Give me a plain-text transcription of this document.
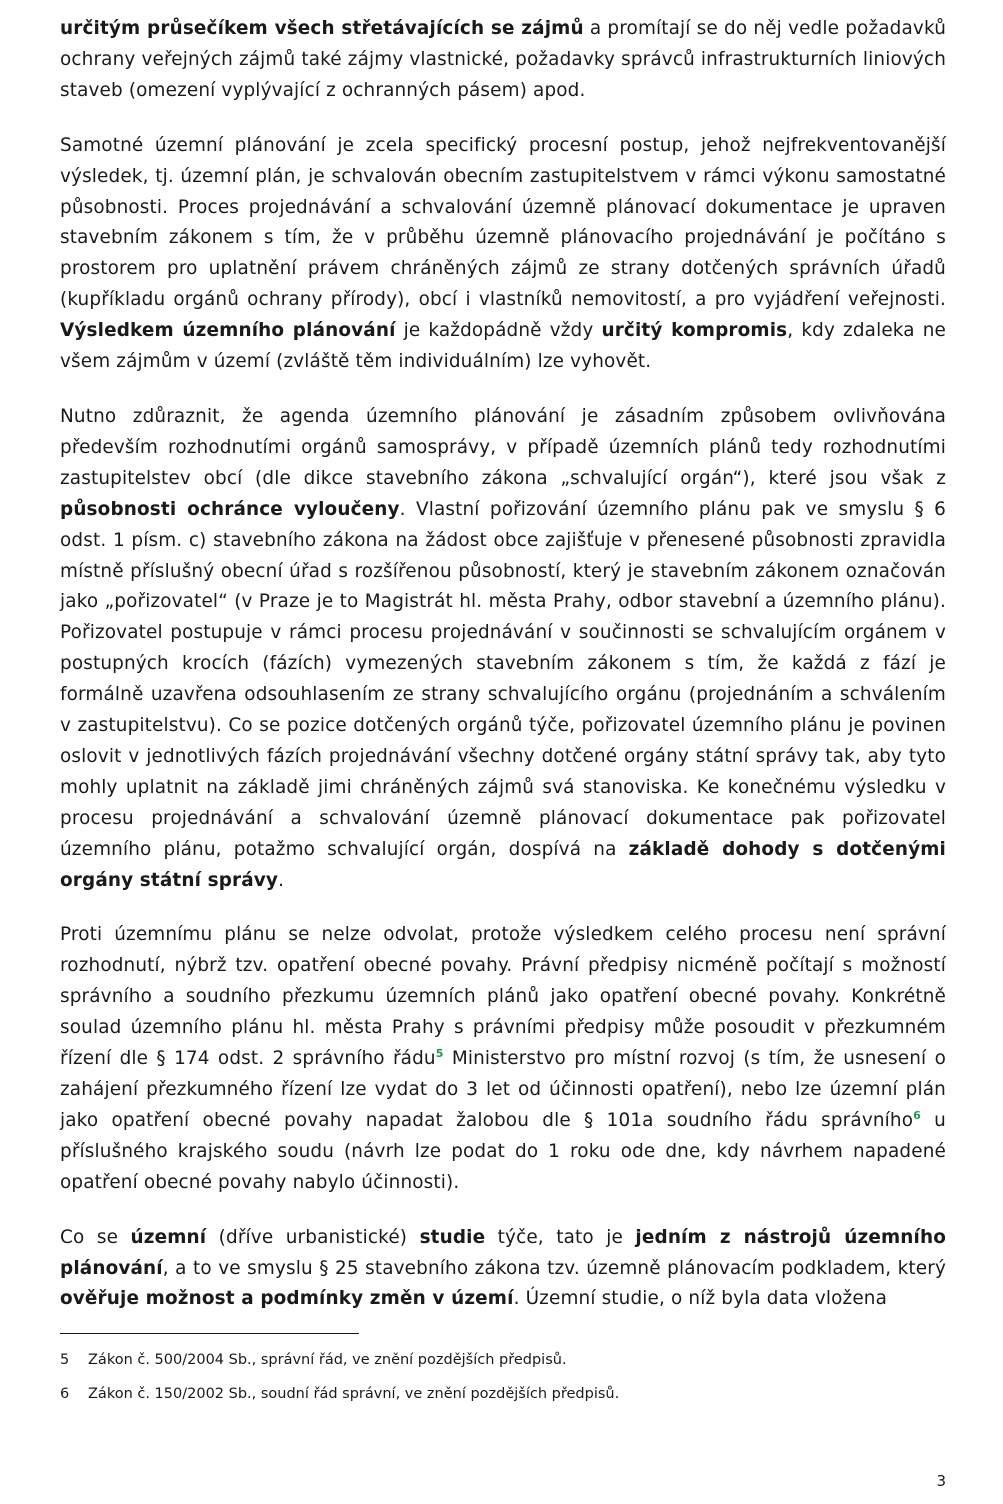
určitým průsečíkem všech střetávajících se zájmů a promítají se do něj vedle požadavků ochrany veřejných zájmů také zájmy vlastnické, požadavky správců infrastrukturních liniových staveb (omezení vyplývající z ochranných pásem) apod.

Samotné územní plánování je zcela specifický procesní postup, jehož nejfrekventovanější výsledek, tj. územní plán, je schvalován obecním zastupitelstvem v rámci výkonu samostatné působnosti. Proces projednávání a schvalování územně plánovací dokumentace je upraven stavebním zákonem s tím, že v průběhu územně plánovacího projednávání je počítáno s prostorem pro uplatnění právem chráněných zájmů ze strany dotčených správních úřadů (kupříkladu orgánů ochrany přírody), obcí i vlastníků nemovitostí, a pro vyjádření veřejnosti. Výsledkem územního plánování je každopádně vždy určitý kompromis, kdy zdaleka ne všem zájmům v území (zvláště těm individuálním) lze vyhovět.

Nutno zdůraznit, že agenda územního plánování je zásadním způsobem ovlivňována především rozhodnutími orgánů samosprávy, v případě územních plánů tedy rozhodnutími zastupitelstev obcí (dle dikce stavebního zákona „schvalující orgán“), které jsou však z působnosti ochránce vyloučeny. Vlastní pořizování územního plánu pak ve smyslu § 6 odst. 1 písm. c) stavebního zákona na žádost obce zajišťuje v přenesené působnosti zpravidla místně příslušný obecní úřad s rozšířenou působností, který je stavebním zákonem označován jako „pořizovatel“ (v Praze je to Magistrát hl. města Prahy, odbor stavební a územního plánu). Pořizovatel postupuje v rámci procesu projednávání v součinnosti se schvalujícím orgánem v postupných krocích (fázích) vymezených stavebním zákonem s tím, že každá z fází je formálně uzavřena odsouhlasením ze strany schvalujícího orgánu (projednáním a schválením v zastupitelstvu). Co se pozice dotčených orgánů týče, pořizovatel územního plánu je povinen oslovit v jednotlivých fázích projednávání všechny dotčené orgány státní správy tak, aby tyto mohly uplatnit na základě jimi chráněných zájmů svá stanoviska. Ke konečnému výsledku v procesu projednávání a schvalování územně plánovací dokumentace pak pořizovatel územního plánu, potažmo schvalující orgán, dospívá na základě dohody s dotčenými orgány státní správy.

Proti územnímu plánu se nelze odvolat, protože výsledkem celého procesu není správní rozhodnutí, nýbrž tzv. opatření obecné povahy. Právní předpisy nicméně počítají s možností správního a soudního přezkumu územních plánů jako opatření obecné povahy. Konkrétně soulad územního plánu hl. města Prahy s právními předpisy může posoudit v přezkumném řízení dle § 174 odst. 2 správního řádu$^5$ Ministerstvo pro místní rozvoj (s tím, že usnesení o zahájení přezkumného řízení lze vydat do 3 let od účinnosti opatření), nebo lze územní plán jako opatření obecné povahy napadat žalobou dle § 101a soudního řádu správního$^6$ u příslušného krajského soudu (návrh lze podat do 1 roku ode dne, kdy návrhem napadené opatření obecné povahy nabylo účinnosti).

Co se územní (dříve urbanistické) studie týče, tato je jedním z nástrojů územního plánování, a to ve smyslu § 25 stavebního zákona tzv. územně plánovacím podkladem, který ověřuje možnost a podmínky změn v území. Územní studie, o níž byla data vložena

5 Zákon č. 500/2004 Sb., správní řád, ve znění pozdějších předpisů.
6 Zákon č. 150/2002 Sb., soudní řád správní, ve znění pozdějších předpisů.
3
